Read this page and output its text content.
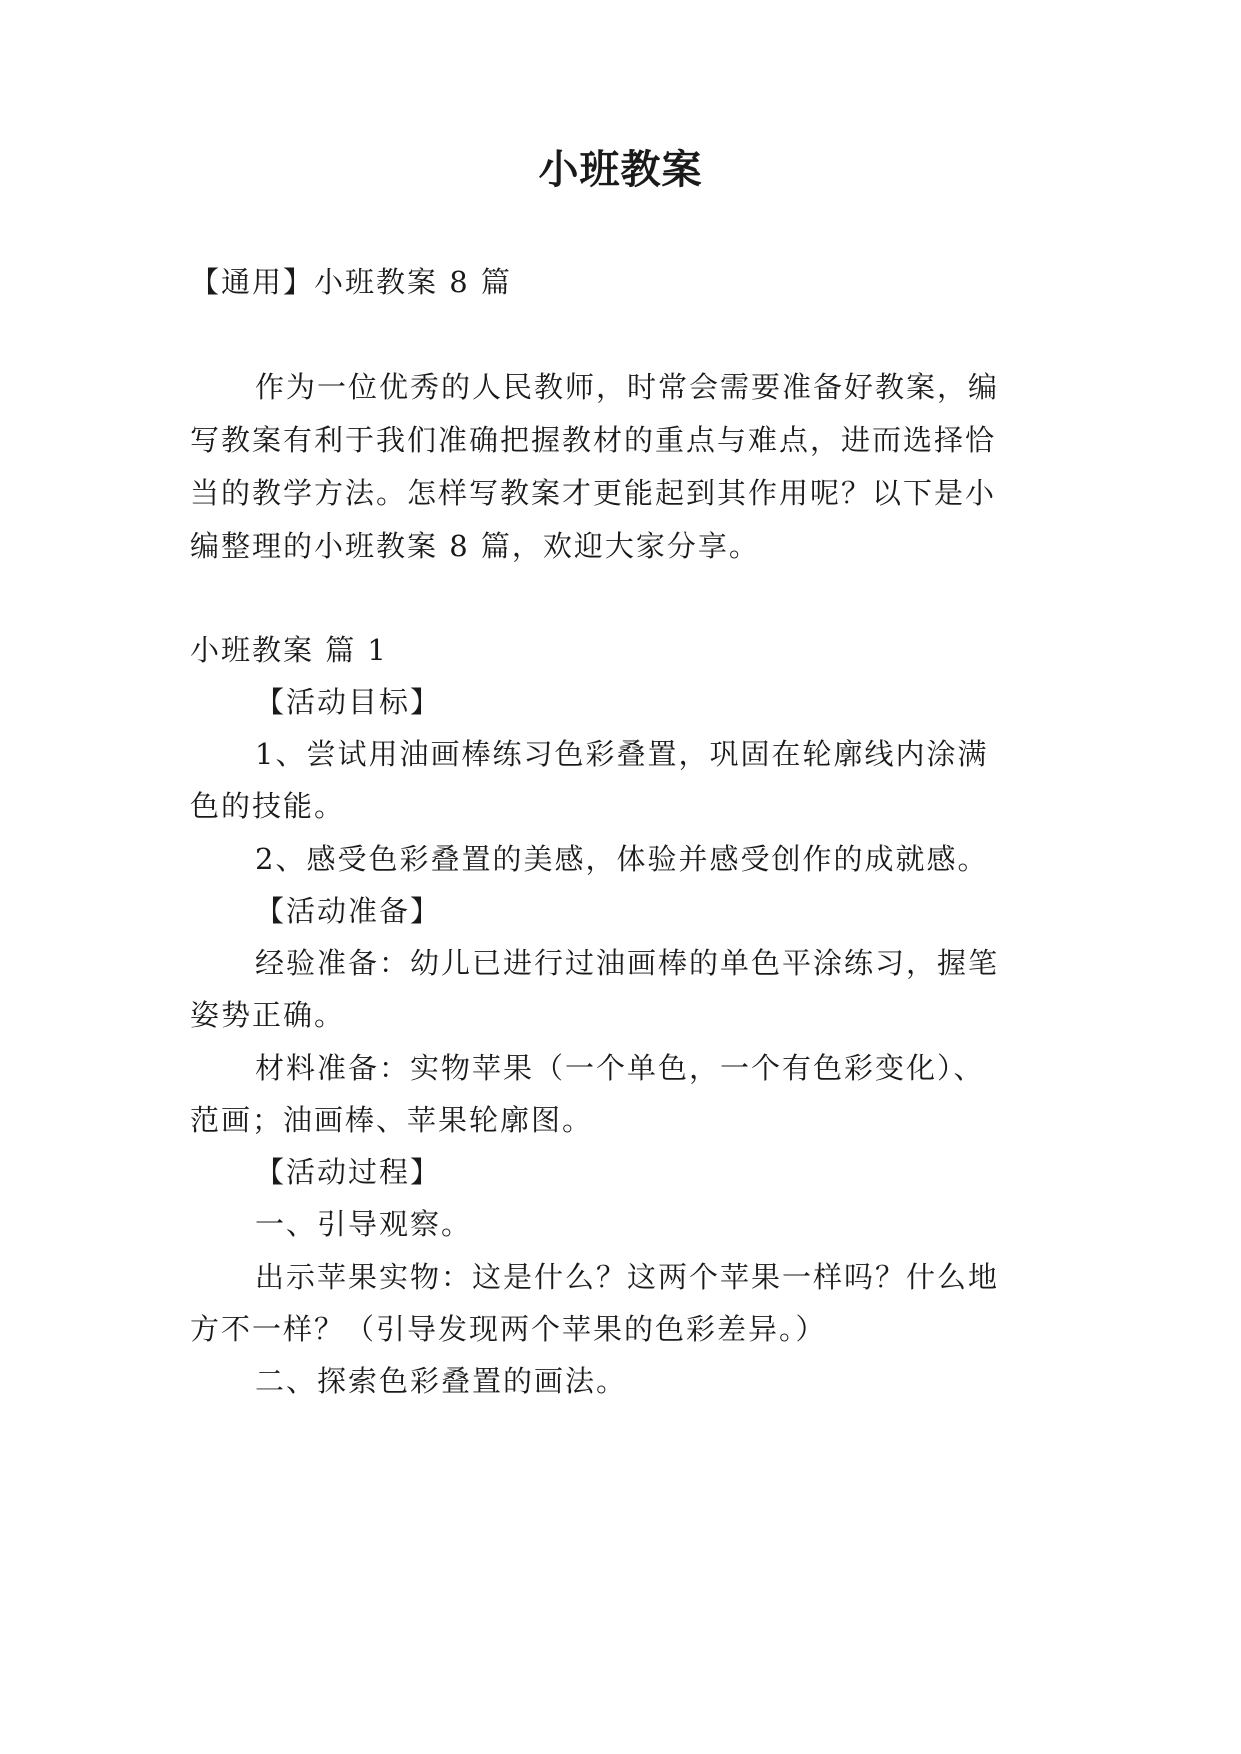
小班教案
【通用】小班教案 8 篇
作为一位优秀的人民教师，时常会需要准备好教案，编
写教案有利于我们准确把握教材的重点与难点，进而选择恰
当的教学方法。怎样写教案才更能起到其作用呢？以下是小
编整理的小班教案 8 篇，欢迎大家分享。
小班教案 篇 1
【活动目标】
1、尝试用油画棒练习色彩叠置，巩固在轮廓线内涂满
色的技能。
2、感受色彩叠置的美感，体验并感受创作的成就感。
【活动准备】
经验准备：幼儿已进行过油画棒的单色平涂练习，握笔
姿势正确。
材料准备：实物苹果（一个单色，一个有色彩变化）、
范画；油画棒、苹果轮廓图。
【活动过程】
一、引导观察。
出示苹果实物：这是什么？这两个苹果一样吗？什么地
方不一样？（引导发现两个苹果的色彩差异。）
二、探索色彩叠置的画法。
